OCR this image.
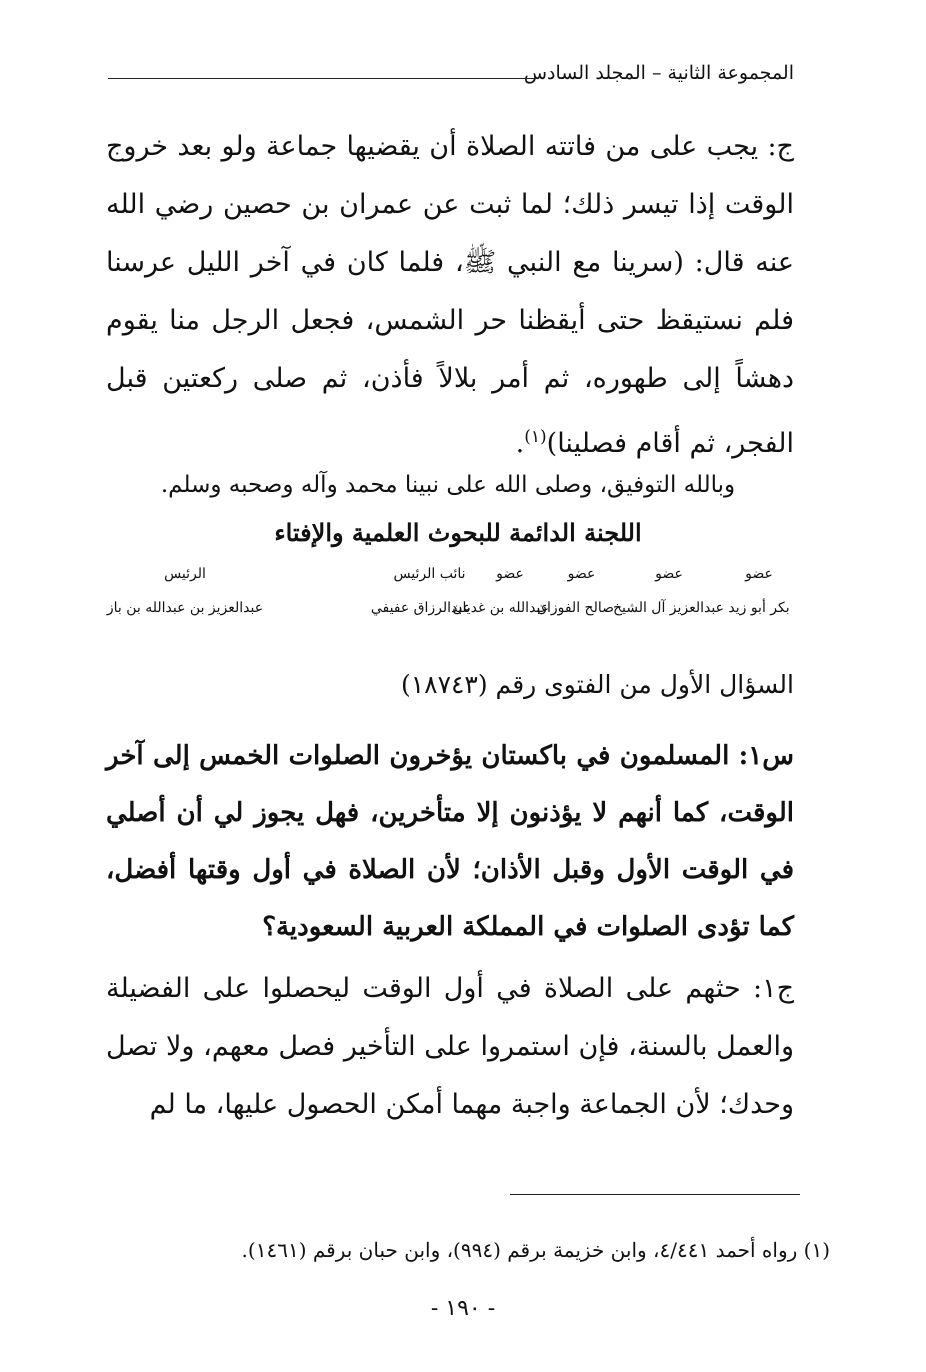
المجموعة الثانية – المجلد السادس
ج: يجب على من فاتته الصلاة أن يقضيها جماعة ولو بعد خروج الوقت إذا تيسر ذلك؛ لما ثبت عن عمران بن حصين رضي الله عنه قال: (سرينا مع النبي ﷺ، فلما كان في آخر الليل عرسنا فلم نستيقظ حتى أيقظنا حر الشمس، فجعل الرجل منا يقوم دهشاً إلى طهوره، ثم أمر بلالاً فأذن، ثم صلى ركعتين قبل الفجر، ثم أقام فصلينا)$^{(١)}$.
وبالله التوفيق، وصلى الله على نبينا محمد وآله وصحبه وسلم.
اللجنة الدائمة للبحوث العلمية والإفتاء
عضو
عضو
عضو
عضو
نائب الرئيس
الرئيس
بكر أبو زيد
عبدالعزيز آل الشيخ
صالح الفوزان
عبدالله بن غديان
عبدالرزاق عفيفي
عبدالعزيز بن عبدالله بن باز
السؤال الأول من الفتوى رقم (١٨٧٤٣)
س١: المسلمون في باكستان يؤخرون الصلوات الخمس إلى آخر الوقت، كما أنهم لا يؤذنون إلا متأخرين، فهل يجوز لي أن أصلي في الوقت الأول وقبل الأذان؛ لأن الصلاة في أول وقتها أفضل، كما تؤدى الصلوات في المملكة العربية السعودية؟
ج١: حثهم على الصلاة في أول الوقت ليحصلوا على الفضيلة والعمل بالسنة، فإن استمروا على التأخير فصل معهم، ولا تصل وحدك؛ لأن الجماعة واجبة مهما أمكن الحصول عليها، ما لم
(١) رواه أحمد ٤/٤٤١، وابن خزيمة برقم (٩٩٤)، وابن حبان برقم (١٤٦١).
- ١٩٠ -
